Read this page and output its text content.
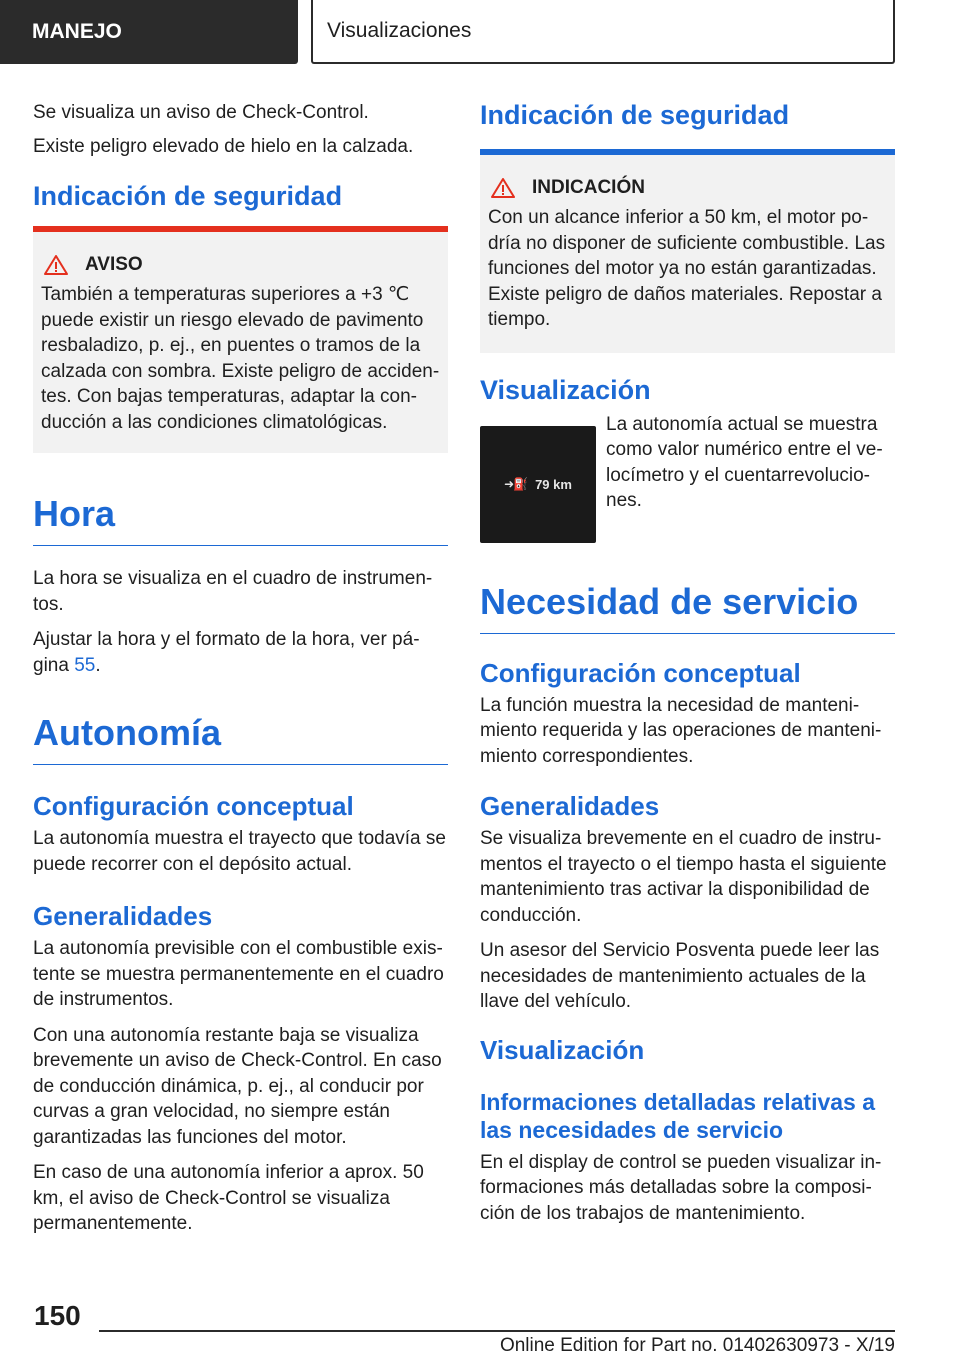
MANEJO	Visualizaciones

Se visualiza un aviso de Check-Control.

Existe peligro elevado de hielo en la calzada.

Indicación de seguridad
AVISO

También a temperaturas superiores a +3 ℃ puede existir un riesgo elevado de pavimento resbaladizo, p. ej., en puentes o tramos de la calzada con sombra. Existe peligro de accidentes. Con bajas temperaturas, adaptar la conducción a las condiciones climatológicas.

Hora

La hora se visualiza en el cuadro de instrumentos.

Ajustar la hora y el formato de la hora, ver página 55.

Autonomía
Configuración conceptual

La autonomía muestra el trayecto que todavía se puede recorrer con el depósito actual.

Generalidades

La autonomía previsible con el combustible existente se muestra permanentemente en el cuadro de instrumentos.

Con una autonomía restante baja se visualiza brevemente un aviso de Check-Control. En caso de conducción dinámica, p. ej., al conducir por curvas a gran velocidad, no siempre están garantizadas las funciones del motor.

En caso de una autonomía inferior a aprox. 50 km, el aviso de Check-Control se visualiza permanentemente.

Indicación de seguridad
INDICACIÓN

Con un alcance inferior a 50 km, el motor podría no disponer de suficiente combustible. Las funciones del motor ya no están garantizadas. Existe peligro de daños materiales. Repostar a tiempo.

Visualización
➜⛽ 79 km

La autonomía actual se muestra como valor numérico entre el velocímetro y el cuentarrevoluciones.

Necesidad de servicio
Configuración conceptual

La función muestra la necesidad de mantenimiento requerida y las operaciones de mantenimiento correspondientes.

Generalidades

Se visualiza brevemente en el cuadro de instrumentos el trayecto o el tiempo hasta el siguiente mantenimiento tras activar la disponibilidad de conducción.

Un asesor del Servicio Posventa puede leer las necesidades de mantenimiento actuales de la llave del vehículo.

Visualización
Informaciones detalladas relativas a las necesidades de servicio

En el display de control se pueden visualizar informaciones más detalladas sobre la composición de los trabajos de mantenimiento.

150
Online Edition for Part no. 01402630973 - X/19
